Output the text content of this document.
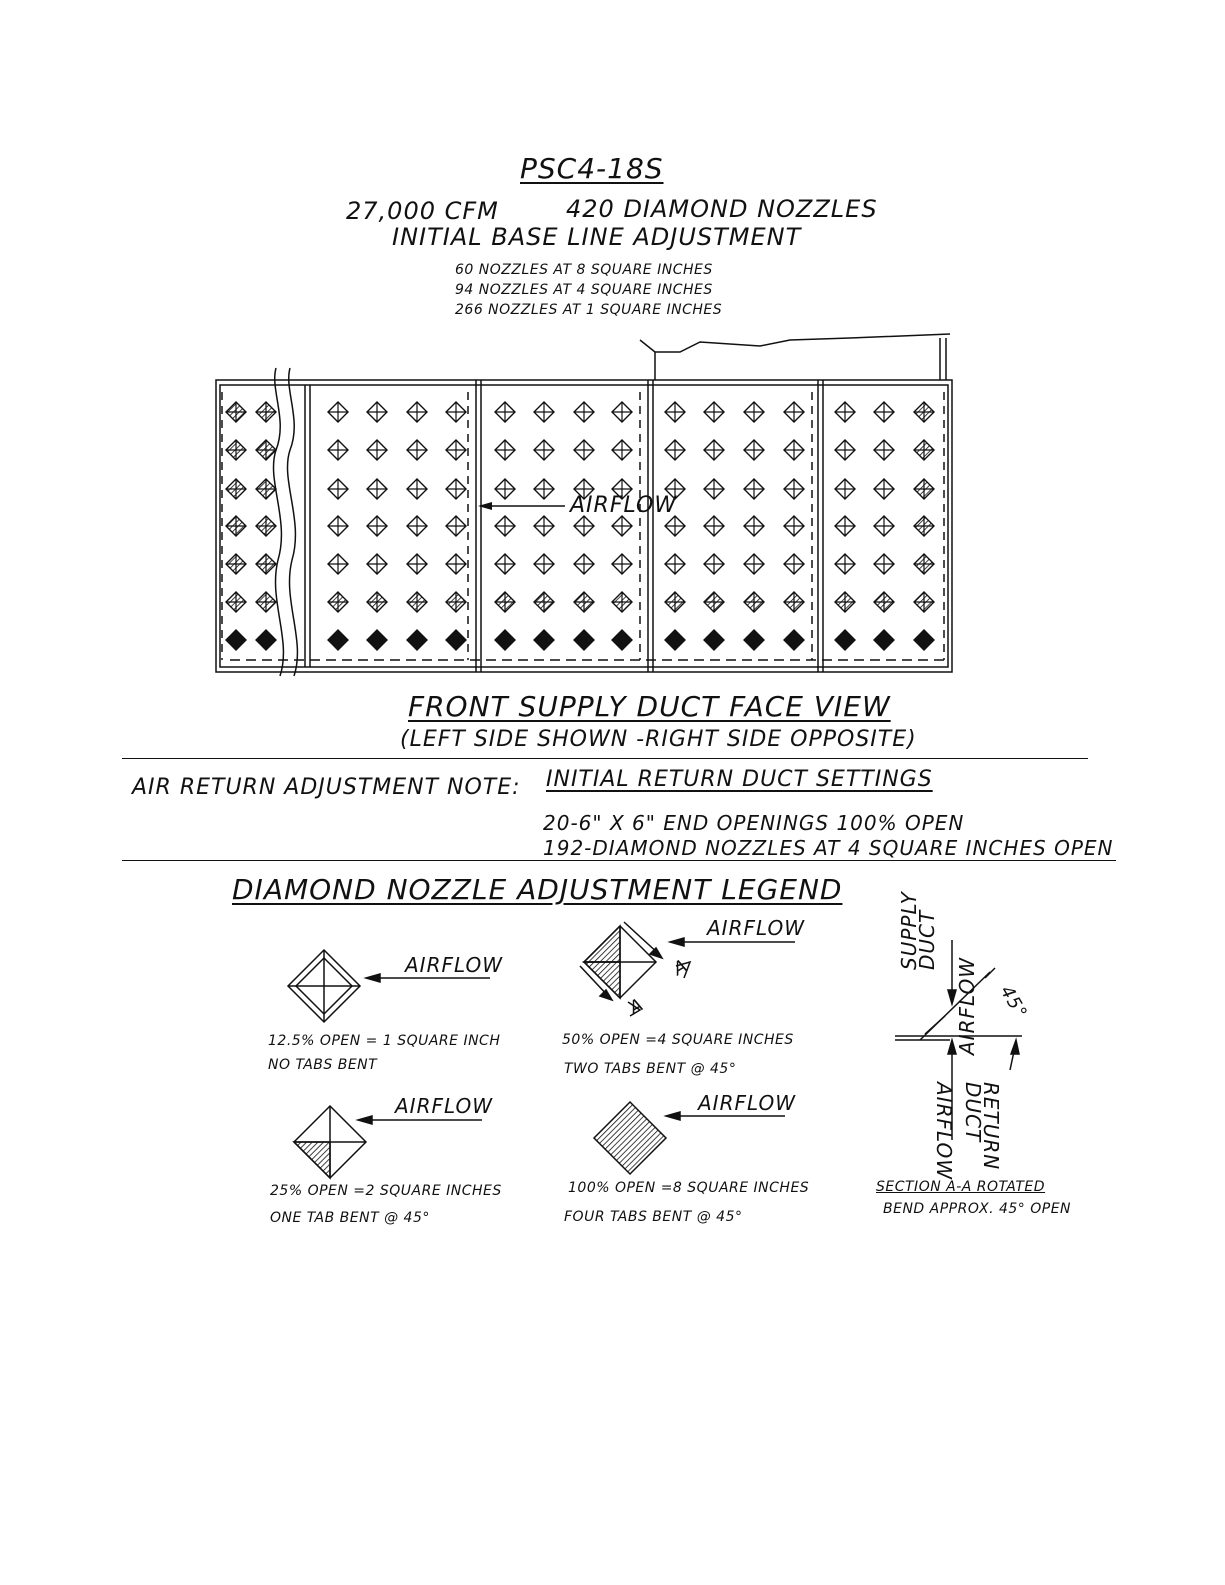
PSC4-18S
27,000 CFM	420 DIAMOND NOZZLES
INITIAL BASE LINE ADJUSTMENT
60 NOZZLES AT 8 SQUARE INCHES
94 NOZZLES AT 4 SQUARE INCHES
266 NOZZLES AT 1 SQUARE INCHES
AIRFLOW
FRONT SUPPLY DUCT FACE VIEW
(LEFT SIDE SHOWN -RIGHT SIDE OPPOSITE)
AIR RETURN ADJUSTMENT NOTE: INITIAL RETURN DUCT SETTINGS
20-6" X 6" END OPENINGS 100% OPEN
192-DIAMOND NOZZLES AT 4 SQUARE INCHES OPEN
DIAMOND NOZZLE ADJUSTMENT LEGEND
AIRFLOW
AIRFLOW
AIRFLOW	AIRFLOW
A
A
12.5% OPEN = 1 SQUARE INCH
NO TABS BENT
50% OPEN =4 SQUARE INCHES
TWO TABS BENT @ 45°
25% OPEN =2 SQUARE INCHES
ONE TAB BENT @ 45°
100% OPEN =8 SQUARE INCHES
FOUR TABS BENT @ 45°
SUPPLY DUCT
AIRFLOW 45°
RETURN DUCT
AIRFLOW
SECTION A-A ROTATED
BEND APPROX. 45° OPEN
